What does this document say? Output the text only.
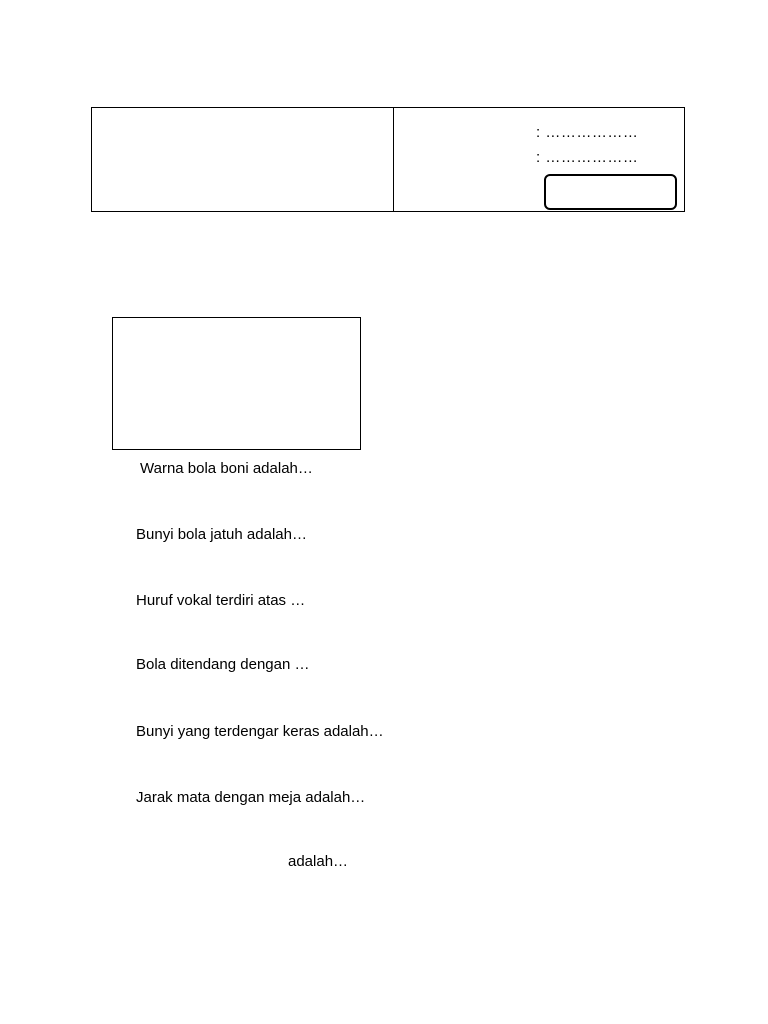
: ………………
: ………………
Warna bola boni adalah…
Bunyi bola jatuh adalah…
Huruf vokal terdiri atas …
Bola ditendang dengan …
Bunyi yang terdengar keras adalah…
Jarak mata dengan meja adalah…
adalah…
